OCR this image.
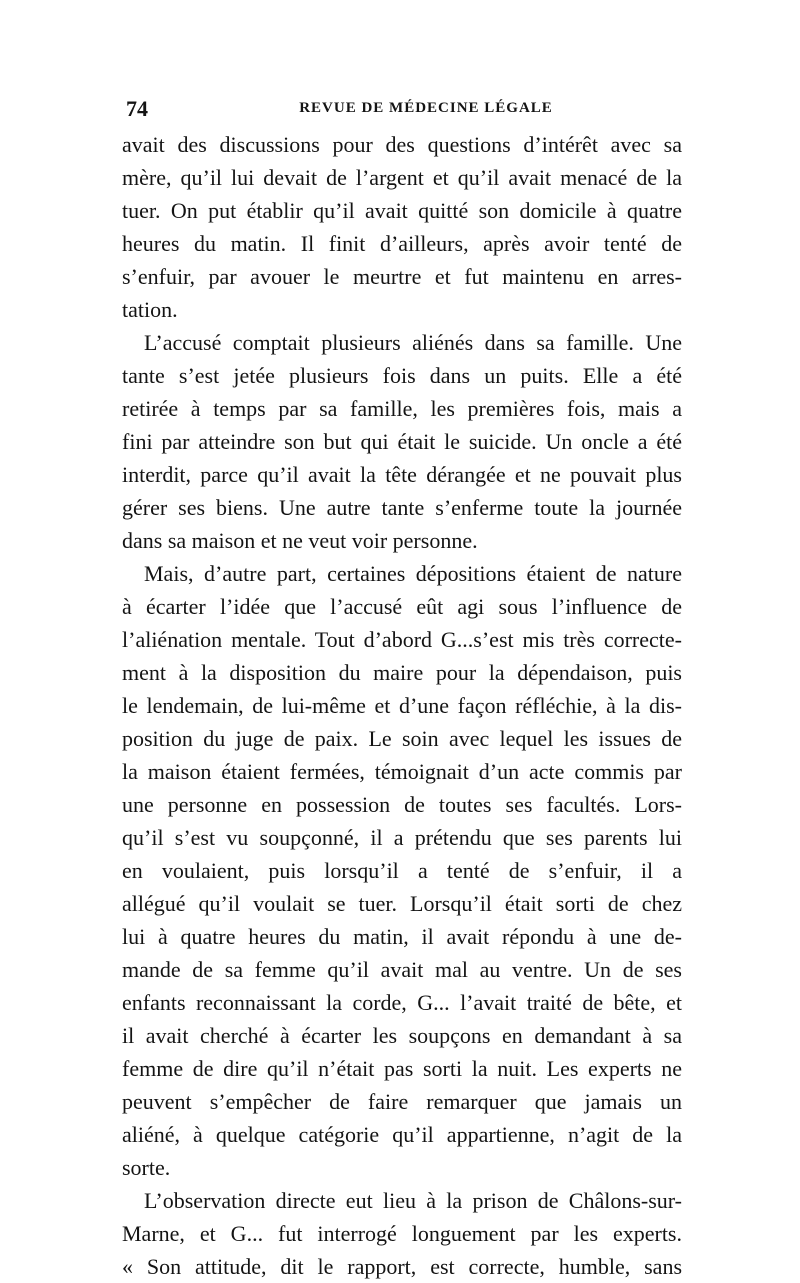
74	REVUE DE MÉDECINE LÉGALE
avait des discussions pour des questions d’intérêt avec sa
mère, qu’il lui devait de l’argent et qu’il avait menacé de la
tuer. On put établir qu’il avait quitté son domicile à quatre
heures du matin. Il finit d’ailleurs, après avoir tenté de
s’enfuir, par avouer le meurtre et fut maintenu en arres-
tation.
L’accusé comptait plusieurs aliénés dans sa famille. Une
tante s’est jetée plusieurs fois dans un puits. Elle a été
retirée à temps par sa famille, les premières fois, mais a
fini par atteindre son but qui était le suicide. Un oncle a été
interdit, parce qu’il avait la tête dérangée et ne pouvait plus
gérer ses biens. Une autre tante s’enferme toute la journée
dans sa maison et ne veut voir personne.
Mais, d’autre part, certaines dépositions étaient de nature
à écarter l’idée que l’accusé eût agi sous l’influence de
l’aliénation mentale. Tout d’abord G...s’est mis très correcte-
ment à la disposition du maire pour la dépendaison, puis
le lendemain, de lui-même et d’une façon réfléchie, à la dis-
position du juge de paix. Le soin avec lequel les issues de
la maison étaient fermées, témoignait d’un acte commis par
une personne en possession de toutes ses facultés. Lors-
qu’il s’est vu soupçonné, il a prétendu que ses parents lui
en voulaient, puis lorsqu’il a tenté de s’enfuir, il a
allégué qu’il voulait se tuer. Lorsqu’il était sorti de chez
lui à quatre heures du matin, il avait répondu à une de-
mande de sa femme qu’il avait mal au ventre. Un de ses
enfants reconnaissant la corde, G... l’avait traité de bête, et
il avait cherché à écarter les soupçons en demandant à sa
femme de dire qu’il n’était pas sorti la nuit. Les experts ne
peuvent s’empêcher de faire remarquer que jamais un
aliéné, à quelque catégorie qu’il appartienne, n’agit de la
sorte.
L’observation directe eut lieu à la prison de Châlons-sur-
Marne, et G... fut interrogé longuement par les experts.
« Son attitude, dit le rapport, est correcte, humble, sans
